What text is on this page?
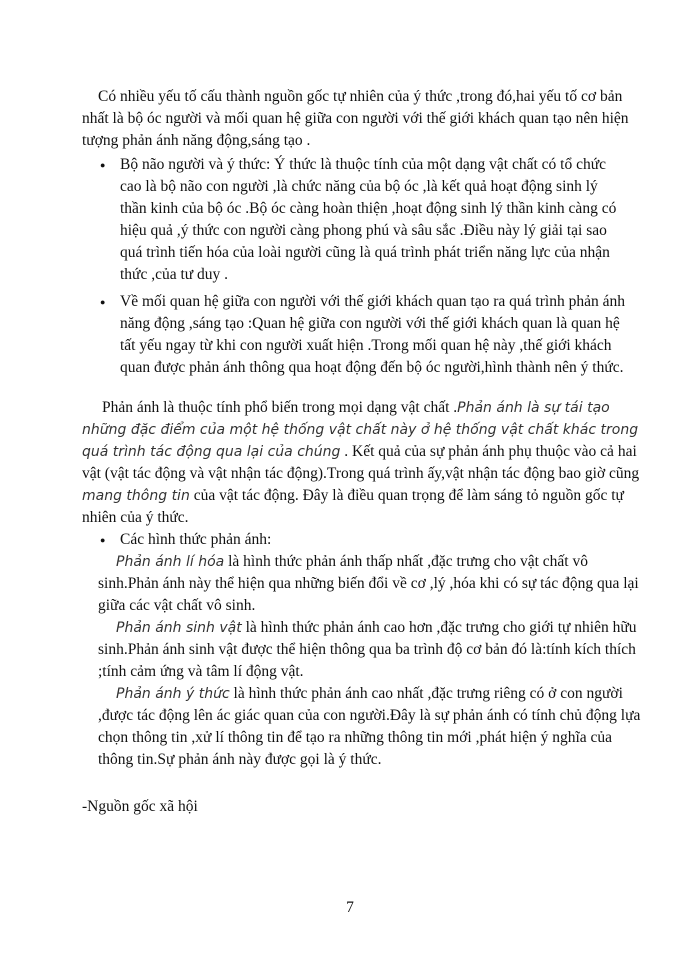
Có nhiều yếu tố cấu thành nguồn gốc tự nhiên của ý thức ,trong đó,hai yếu tố cơ bản nhất là bộ óc người và mối quan hệ giữa con người với thế giới khách quan tạo nên hiện tượng phản ánh năng động,sáng tạo .

● Bộ não người và ý thức: Ý thức là thuộc tính của một dạng vật chất có tổ chức cao là bộ não con người ,là chức năng của bộ óc ,là kết quả hoạt động sinh lý thần kinh của bộ óc .Bộ óc càng hoàn thiện ,hoạt động sinh lý thần kinh càng có hiệu quả ,ý thức con người càng phong phú và sâu sắc .Điều này lý giải tại sao quá trình tiến hóa của loài người cũng là quá trình phát triển năng lực của nhận thức ,của tư duy .
● Về mối quan hệ giữa con người với thế giới khách quan tạo ra quá trình phản ánh năng động ,sáng tạo :Quan hệ giữa con người với thế giới khách quan là quan hệ tất yếu ngay từ khi con người xuất hiện .Trong mối quan hệ này ,thế giới khách quan được phản ánh thông qua hoạt động đến bộ óc người,hình thành nên ý thức.

Phản ánh là thuộc tính phổ biến trong mọi dạng vật chất .Phản ánh là sự tái tạo những đặc điểm của một hệ thống vật chất này ở hệ thống vật chất khác trong quá trình tác động qua lại của chúng . Kết quả của sự phản ánh phụ thuộc vào cả hai vật (vật tác động và vật nhận tác động).Trong quá trình ấy,vật nhận tác động bao giờ cũng mang thông tin của vật tác động. Đây là điều quan trọng để làm sáng tỏ nguồn gốc tự nhiên của ý thức.

● Các hình thức phản ánh:

Phản ánh lí hóa là hình thức phản ánh thấp nhất ,đặc trưng cho vật chất vô sinh.Phản ánh này thể hiện qua những biến đổi về cơ ,lý ,hóa khi có sự tác động qua lại giữa các vật chất vô sinh.

Phản ánh sinh vật là hình thức phản ánh cao hơn ,đặc trưng cho giới tự nhiên hữu sinh.Phản ánh sinh vật được thể hiện thông qua ba trình độ cơ bản đó là:tính kích thích ;tính cảm ứng và tâm lí động vật.

Phản ánh ý thức là hình thức phản ánh cao nhất ,đặc trưng riêng có ở con người ,được tác động lên ác giác quan của con người.Đây là sự phản ánh có tính chủ động lựa chọn thông tin ,xử lí thông tin để tạo ra những thông tin mới ,phát hiện ý nghĩa của thông tin.Sự phản ánh này được gọi là ý thức.

-Nguồn gốc xã hội

7
